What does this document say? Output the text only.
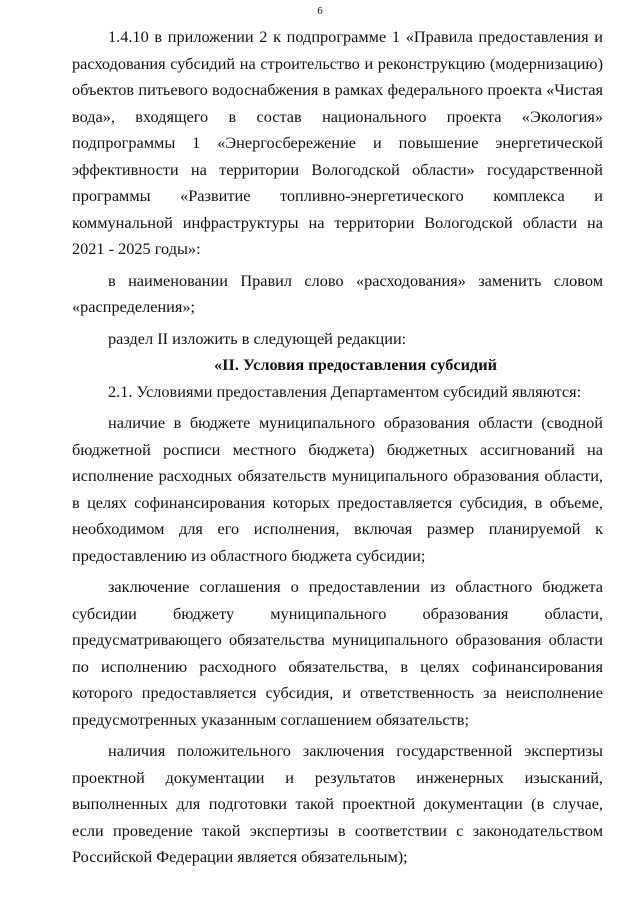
6

1.4.10 в приложении 2 к подпрограмме 1 «Правила предоставления и расходования субсидий на строительство и реконструкцию (модернизацию) объектов питьевого водоснабжения в рамках федерального проекта «Чистая вода», входящего в состав национального проекта «Экология» подпрограммы 1 «Энергосбережение и повышение энергетической эффективности на территории Вологодской области» государственной программы «Развитие топливно-энергетического комплекса и коммунальной инфраструктуры на территории Вологодской области на 2021 - 2025 годы»:

в наименовании Правил слово «расходования» заменить словом «распределения»;

раздел II изложить в следующей редакции:

«II. Условия предоставления субсидий

2.1. Условиями предоставления Департаментом субсидий являются:

наличие в бюджете муниципального образования области (сводной бюджетной росписи местного бюджета) бюджетных ассигнований на исполнение расходных обязательств муниципального образования области, в целях софинансирования которых предоставляется субсидия, в объеме, необходимом для его исполнения, включая размер планируемой к предоставлению из областного бюджета субсидии;

заключение соглашения о предоставлении из областного бюджета субсидии бюджету муниципального образования области, предусматривающего обязательства муниципального образования области по исполнению расходного обязательства, в целях софинансирования которого предоставляется субсидия, и ответственность за неисполнение предусмотренных указанным соглашением обязательств;

наличия положительного заключения государственной экспертизы проектной документации и результатов инженерных изысканий, выполненных для подготовки такой проектной документации (в случае, если проведение такой экспертизы в соответствии с законодательством Российской Федерации является обязательным);
